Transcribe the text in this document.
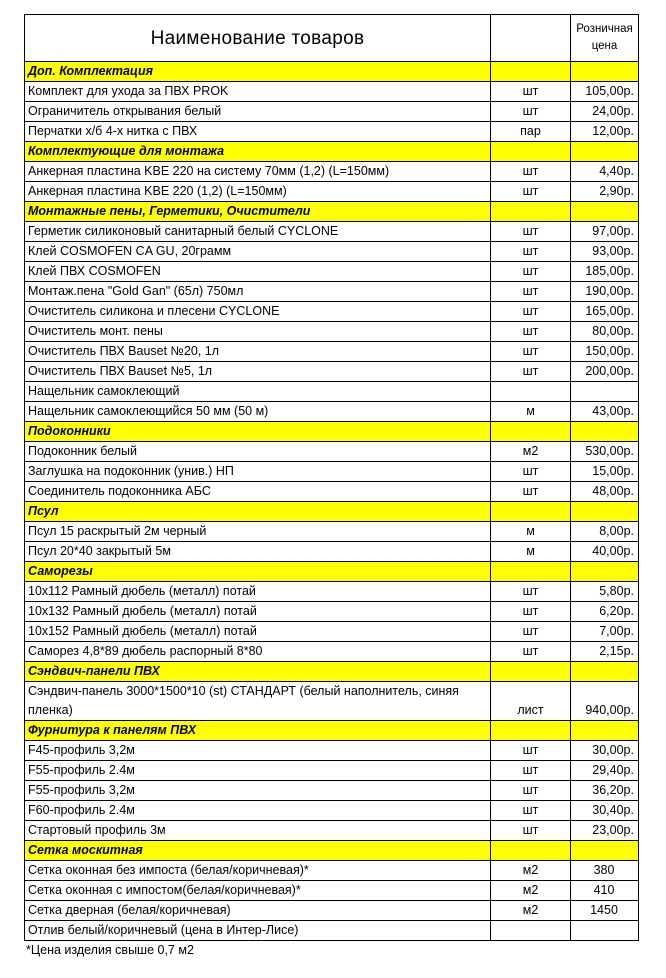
Наименование товаров		Розничная цена
Доп. Комплектация		
Комплект для ухода за ПВХ PROK	шт	105,00р.
Ограничитель открывания белый	шт	24,00р.
Перчатки х/б 4-х нитка с ПВХ	пар	12,00р.
Комплектующие для монтажа		
Анкерная пластина KBE 220 на систему 70мм (1,2) (L=150мм)	шт	4,40р.
Анкерная пластина KBE 220 (1,2) (L=150мм)	шт	2,90р.
Монтажные пены, Герметики, Очистители		
Герметик силиконовый санитарный белый CYCLONE	шт	97,00р.
Клей COSMOFEN CA GU, 20грамм	шт	93,00р.
Клей ПВХ COSMOFEN	шт	185,00р.
Монтаж.пена "Gold Gan" (65л) 750мл	шт	190,00р.
Очиститель силикона и плесени CYCLONE	шт	165,00р.
Очиститель монт. пены	шт	80,00р.
Очиститель ПВХ Bauset №20, 1л	шт	150,00р.
Очиститель ПВХ Bauset №5, 1л	шт	200,00р.
Нащельник самоклеющий		
Нащельник самоклеющийся 50 мм (50 м)	м	43,00р.
Подоконники		
Подоконник белый	м2	530,00р.
Заглушка на подоконник (унив.) НП	шт	15,00р.
Соединитель подоконника АБС	шт	48,00р.
Псул		
Псул 15 раскрытый 2м черный	м	8,00р.
Псул 20*40 закрытый 5м	м	40,00р.
Саморезы		
10х112 Рамный дюбель (металл) потай	шт	5,80р.
10х132 Рамный дюбель (металл) потай	шт	6,20р.
10х152 Рамный дюбель (металл) потай	шт	7,00р.
Саморез 4,8*89 дюбель распорный 8*80	шт	2,15р.
Сэндвич-панели ПВХ		
Сэндвич-панель 3000*1500*10 (st) СТАНДАРТ (белый наполнитель, синяя пленка)	лист	940,00р.
Фурнитура к панелям ПВХ		
F45-профиль 3,2м	шт	30,00р.
F55-профиль 2.4м	шт	29,40р.
F55-профиль 3,2м	шт	36,20р.
F60-профиль 2.4м	шт	30,40р.
Стартовый профиль 3м	шт	23,00р.
Сетка москитная		
Сетка оконная без импоста (белая/коричневая)*	м2	380
Сетка оконная с импостом(белая/коричневая)*	м2	410
Сетка дверная (белая/коричневая)	м2	1450
Отлив белый/коричневый (цена в Интер-Лисе)		
*Цена изделия свыше 0,7 м2
